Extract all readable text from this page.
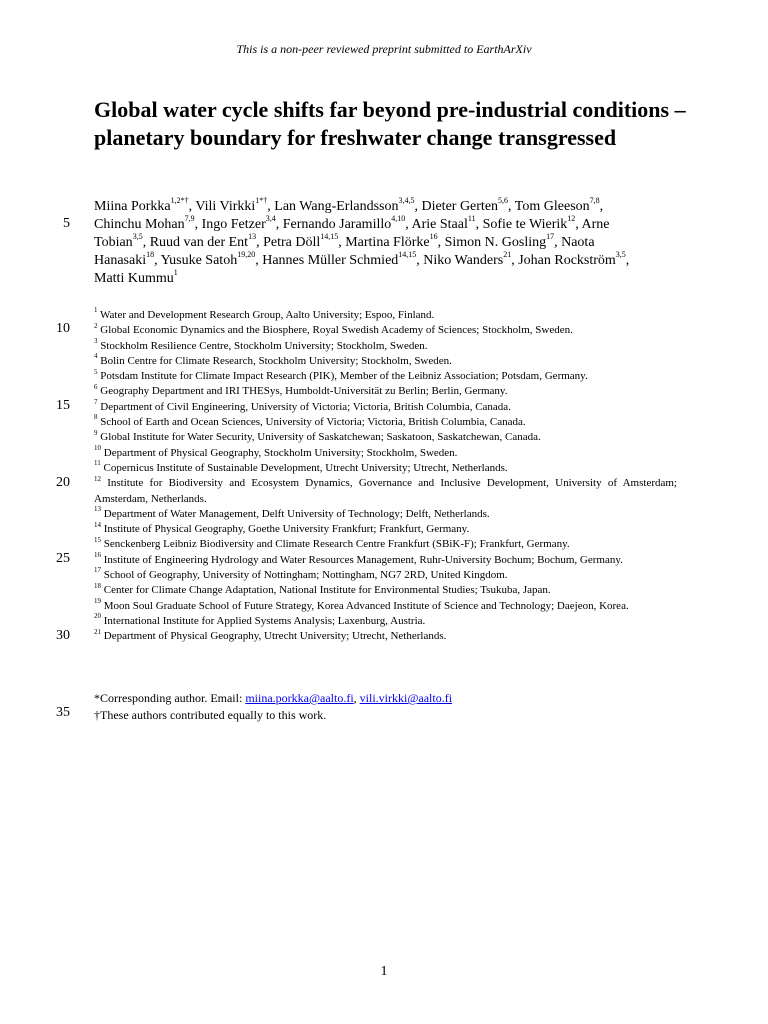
This is a non-peer reviewed preprint submitted to EarthArXiv
Global water cycle shifts far beyond pre-industrial conditions – planetary boundary for freshwater change transgressed
Miina Porkka$^{1,2*\dagger}$, Vili Virkki$^{1*\dagger}$, Lan Wang-Erlandsson$^{3,4,5}$, Dieter Gerten$^{5,6}$, Tom Gleeson$^{7,8}$, Chinchu Mohan$^{7,9}$, Ingo Fetzer$^{3,4}$, Fernando Jaramillo$^{4,10}$, Arie Staal$^{11}$, Sofie te Wierik$^{12}$, Arne Tobian$^{3,5}$, Ruud van der Ent$^{13}$, Petra Döll$^{14,15}$, Martina Flörke$^{16}$, Simon N. Gosling$^{17}$, Naota Hanasaki$^{18}$, Yusuke Satoh$^{19,20}$, Hannes Müller Schmied$^{14,15}$, Niko Wanders$^{21}$, Johan Rockström$^{3,5}$, Matti Kummu$^1$
5
10
15
20
25
30
35
$^1$ Water and Development Research Group, Aalto University; Espoo, Finland.
$^2$ Global Economic Dynamics and the Biosphere, Royal Swedish Academy of Sciences; Stockholm, Sweden.
$^3$ Stockholm Resilience Centre, Stockholm University; Stockholm, Sweden.
$^4$ Bolin Centre for Climate Research, Stockholm University; Stockholm, Sweden.
$^5$ Potsdam Institute for Climate Impact Research (PIK), Member of the Leibniz Association; Potsdam, Germany.
$^6$ Geography Department and IRI THESys, Humboldt-Universität zu Berlin; Berlin, Germany.
$^7$ Department of Civil Engineering, University of Victoria; Victoria, British Columbia, Canada.
$^8$ School of Earth and Ocean Sciences, University of Victoria; Victoria, British Columbia, Canada.
$^9$ Global Institute for Water Security, University of Saskatchewan; Saskatoon, Saskatchewan, Canada.
$^{10}$ Department of Physical Geography, Stockholm University; Stockholm, Sweden.
$^{11}$ Copernicus Institute of Sustainable Development, Utrecht University; Utrecht, Netherlands.
$^{12}$ Institute for Biodiversity and Ecosystem Dynamics, Governance and Inclusive Development, University of Amsterdam; Amsterdam, Netherlands.
$^{13}$ Department of Water Management, Delft University of Technology; Delft, Netherlands.
$^{14}$ Institute of Physical Geography, Goethe University Frankfurt; Frankfurt, Germany.
$^{15}$ Senckenberg Leibniz Biodiversity and Climate Research Centre Frankfurt (SBiK-F); Frankfurt, Germany.
$^{16}$ Institute of Engineering Hydrology and Water Resources Management, Ruhr-University Bochum; Bochum, Germany.
$^{17}$ School of Geography, University of Nottingham; Nottingham, NG7 2RD, United Kingdom.
$^{18}$ Center for Climate Change Adaptation, National Institute for Environmental Studies; Tsukuba, Japan.
$^{19}$ Moon Soul Graduate School of Future Strategy, Korea Advanced Institute of Science and Technology; Daejeon, Korea.
$^{20}$ International Institute for Applied Systems Analysis; Laxenburg, Austria.
$^{21}$ Department of Physical Geography, Utrecht University; Utrecht, Netherlands.
*Corresponding author. Email: miina.porkka@aalto.fi, vili.virkki@aalto.fi
†These authors contributed equally to this work.
1
